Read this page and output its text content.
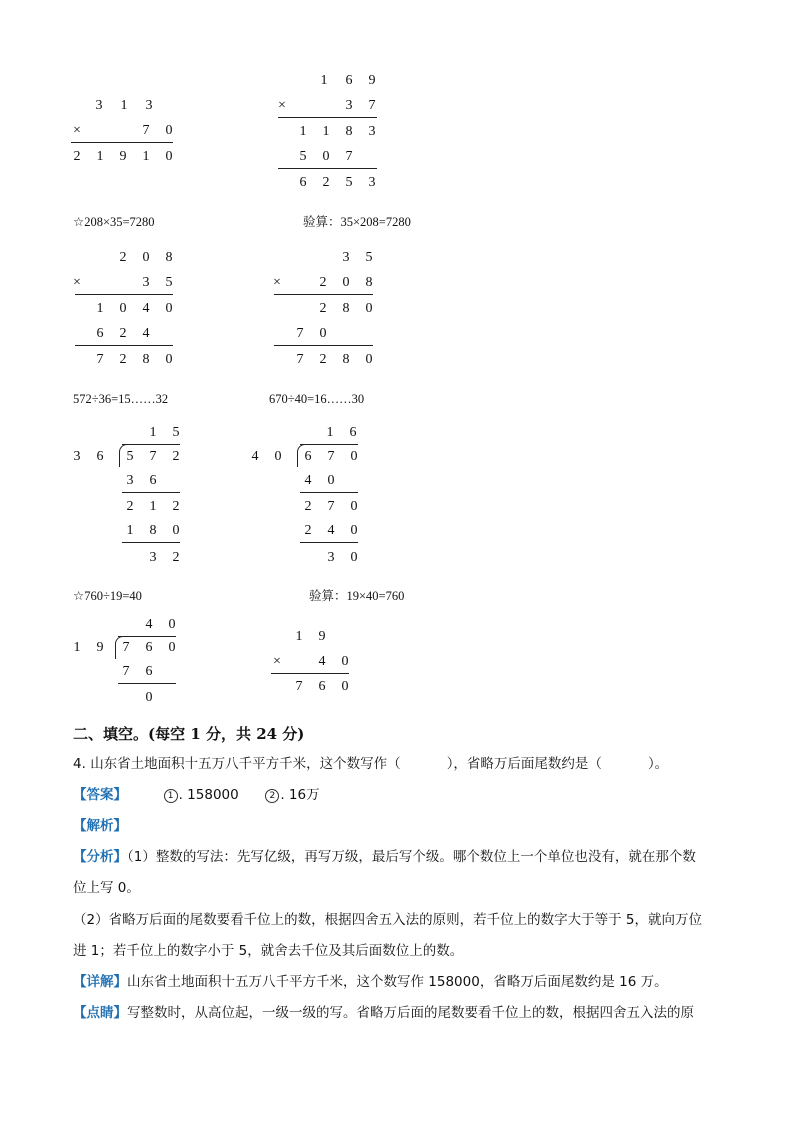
3 1 3
×	7 0
2 1 9 1 0
1 6 9
×	3 7
1 1 8 3
5 0 7
6 2 5 3
☆208×35=7280	验算：35×208=7280
2 0 8
×	3 5
1 0 4 0
6 2 4
7 2 8 0
3 5
×	2 0 8
2 8 0
7 0
7 2 8 0
572÷36=15……32	670÷40=16……30
1 5
3 6 5 7 2
3 6
2 1 2
1 8 0
3 2
1 6
4 0 6 7 0
4 0
2 7 0
2 4 0
3 0
☆760÷19=40	验算：19×40=760
4 0
1 9 7 6 0
7 6
0
1 9
×	4 0
7 6 0
二、填空。(每空 1 分，共 24 分)
4. 山东省土地面积十五万八千平方千米，这个数写作（	），省略万后面尾数约是（	）。
【答案】	1 . 158000	2 . 16万
【解析】
【分析】（1）整数的写法：先写亿级，再写万级，最后写个级。哪个数位上一个单位也没有，就在那个数
位上写 0。
（2）省略万后面的尾数要看千位上的数，根据四舍五入法的原则，若千位上的数字大于等于 5，就向万位
进 1；若千位上的数字小于 5，就舍去千位及其后面数位上的数。
【详解】山东省土地面积十五万八千平方千米，这个数写作 158000，省略万后面尾数约是 16 万。
【点睛】写整数时，从高位起，一级一级的写。省略万后面的尾数要看千位上的数，根据四舍五入法的原
